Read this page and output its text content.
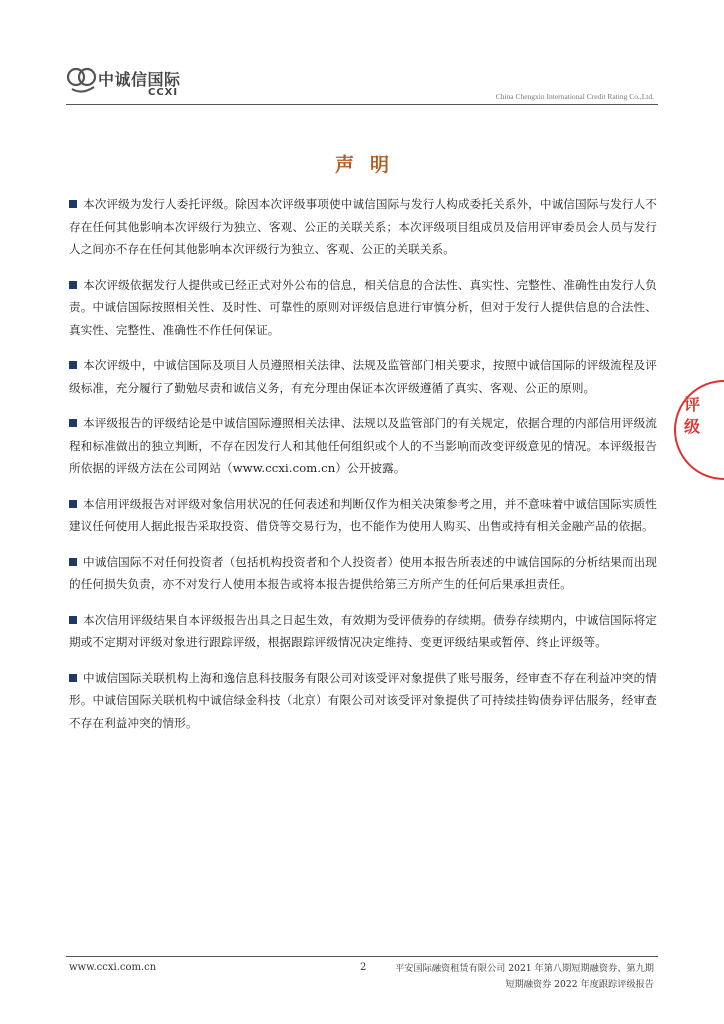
中诚信国际
CCXI	China Chengxin International Credit Rating Co.,Ltd.
声明

本次评级为发行人委托评级。除因本次评级事项使中诚信国际与发行人构成委托关系外，中诚信国际与发行人不存在任何其他影响本次评级行为独立、客观、公正的关联关系；本次评级项目组成员及信用评审委员会人员与发行人之间亦不存在任何其他影响本次评级行为独立、客观、公正的关联关系。

本次评级依据发行人提供或已经正式对外公布的信息，相关信息的合法性、真实性、完整性、准确性由发行人负责。中诚信国际按照相关性、及时性、可靠性的原则对评级信息进行审慎分析，但对于发行人提供信息的合法性、真实性、完整性、准确性不作任何保证。

本次评级中，中诚信国际及项目人员遵照相关法律、法规及监管部门相关要求，按照中诚信国际的评级流程及评级标准，充分履行了勤勉尽责和诚信义务，有充分理由保证本次评级遵循了真实、客观、公正的原则。

本评级报告的评级结论是中诚信国际遵照相关法律、法规以及监管部门的有关规定，依据合理的内部信用评级流程和标准做出的独立判断，不存在因发行人和其他任何组织或个人的不当影响而改变评级意见的情况。本评级报告所依据的评级方法在公司网站（www.ccxi.com.cn）公开披露。

本信用评级报告对评级对象信用状况的任何表述和判断仅作为相关决策参考之用，并不意味着中诚信国际实质性建议任何使用人据此报告采取投资、借贷等交易行为，也不能作为使用人购买、出售或持有相关金融产品的依据。

中诚信国际不对任何投资者（包括机构投资者和个人投资者）使用本报告所表述的中诚信国际的分析结果而出现的任何损失负责，亦不对发行人使用本报告或将本报告提供给第三方所产生的任何后果承担责任。

本次信用评级结果自本评级报告出具之日起生效，有效期为受评债券的存续期。债券存续期内，中诚信国际将定期或不定期对评级对象进行跟踪评级，根据跟踪评级情况决定维持、变更评级结果或暂停、终止评级等。

中诚信国际关联机构上海和逸信息科技服务有限公司对该受评对象提供了账号服务，经审查不存在利益冲突的情形。中诚信国际关联机构中诚信绿金科技（北京）有限公司对该受评对象提供了可持续挂钩债券评估服务，经审查不存在利益冲突的情形。

评
级
www.ccxi.com.cn	2	平安国际融资租赁有限公司 2021 年第八期短期融资券、第九期
短期融资券 2022 年度跟踪评级报告
